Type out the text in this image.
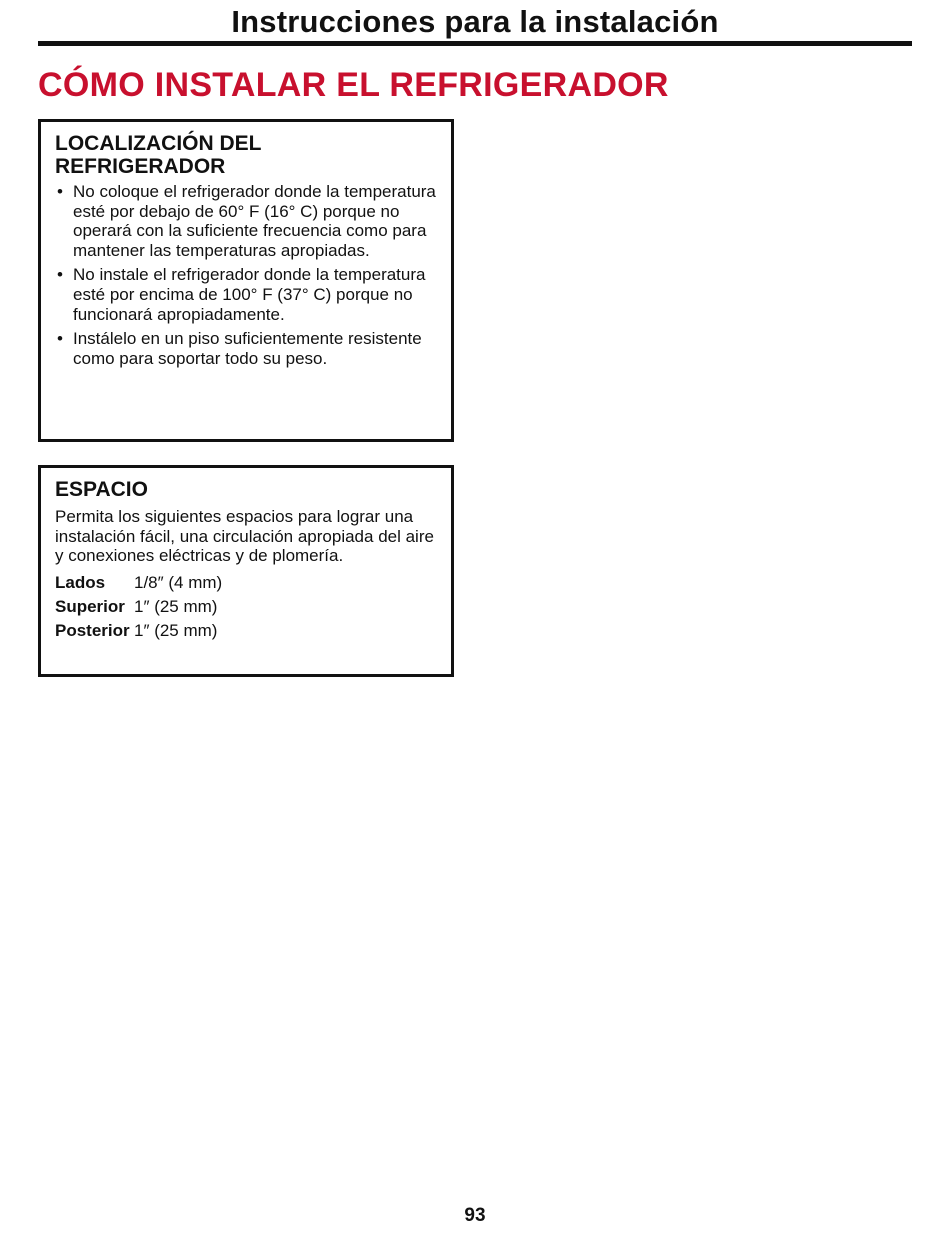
Instrucciones para la instalación
CÓMO INSTALAR EL REFRIGERADOR
LOCALIZACIÓN DEL
REFRIGERADOR
• No coloque el refrigerador donde la temperatura esté por debajo de 60° F (16° C) porque no operará con la suficiente frecuencia como para mantener las temperaturas apropiadas.
• No instale el refrigerador donde la temperatura esté por encima de 100° F (37° C) porque no funcionará apropiadamente.
• Instálelo en un piso suficientemente resistente como para soportar todo su peso.
ESPACIO

Permita los siguientes espacios para lograr una instalación fácil, una circulación apropiada del aire y conexiones eléctricas y de plomería.

Lados	1/8″ (4 mm)
Superior 1″ (25 mm)
Posterior 1″ (25 mm)
93
